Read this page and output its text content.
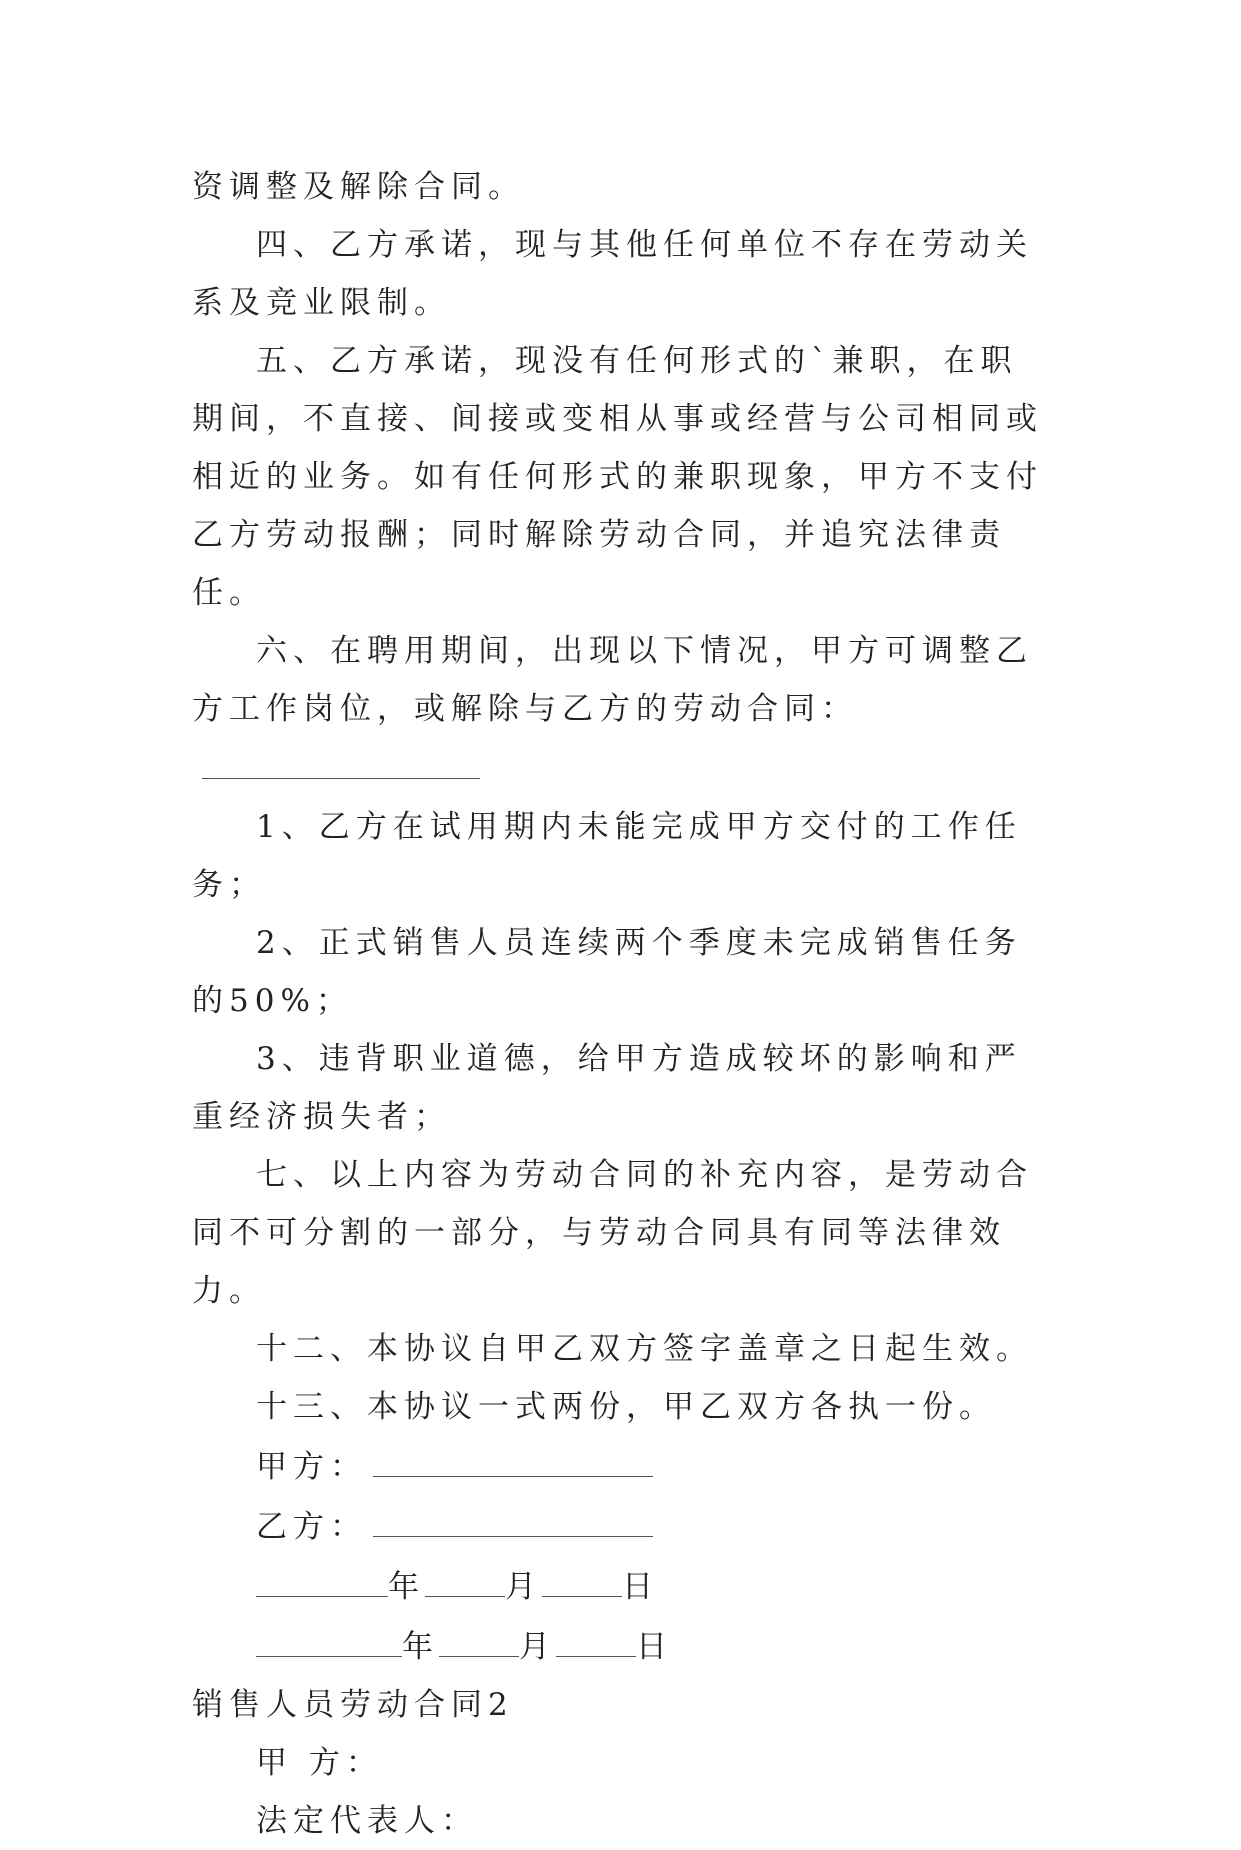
资调整及解除合同。

四、乙方承诺，现与其他任何单位不存在劳动关系及竞业限制。

五、乙方承诺，现没有任何形式的`兼职，在职期间，不直接、间接或变相从事或经营与公司相同或相近的业务。如有任何形式的兼职现象，甲方不支付乙方劳动报酬；同时解除劳动合同，并追究法律责任。

六、在聘用期间，出现以下情况，甲方可调整乙方工作岗位，或解除与乙方的劳动合同：

1、乙方在试用期内未能完成甲方交付的工作任务；

2、正式销售人员连续两个季度未完成销售任务的50%；

3、违背职业道德，给甲方造成较坏的影响和严重经济损失者；

七、以上内容为劳动合同的补充内容，是劳动合同不可分割的一部分，与劳动合同具有同等法律效力。

十二、本协议自甲乙双方签字盖章之日起生效。

十三、本协议一式两份，甲乙双方各执一份。

甲方：

乙方：

年	月	日

年	月	日

销售人员劳动合同2

甲 方：

法定代表人：
